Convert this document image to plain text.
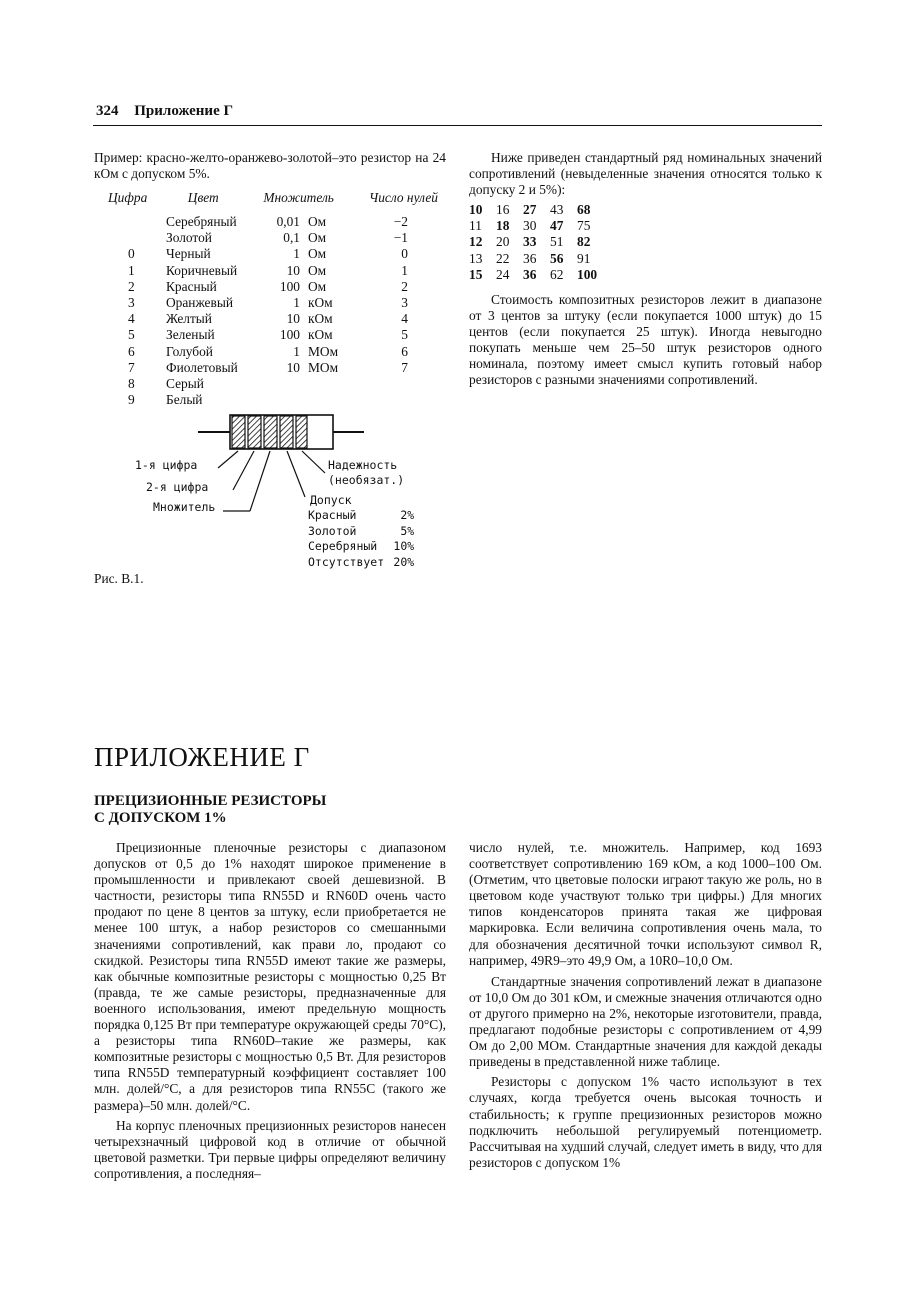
324 Приложение Г

Пример: красно-желто-оранжево-золотой–это резистор на 24 кОм с допуском 5%.

Цифра	Цвет	Множитель	Число нулей

	Серебряный	0,01	Ом	−2
	Золотой	0,1	Ом	−1
0	Черный	1	Ом	0
1	Коричневый	10	Ом	1
2	Красный	100	Ом	2
3	Оранжевый	1	кОм	3
4	Желтый	10	кОм	4
5	Зеленый	100	кОм	5
6	Голубой	1	МОм	6
7	Фиолетовый	10	МОм	7
8	Серый			
9	Белый			
1-я цифра
2-я цифра
Множитель
Надежность
(необязат.)
Допуск
Красный	2%
Золотой	5%
Серебряный	10%
Отсутствует	20%
Рис. В.1.

Ниже приведен стандартный ряд номинальных значений сопротивлений (невыделенные значения относятся только к допуску 2 и 5%):

10	16	27	43	68
11	18	30	47	75
12	20	33	51	82
13	22	36	56	91
15	24	36	62	100

Стоимость композитных резисторов лежит в диапазоне от 3 центов за штуку (если покупается 1000 штук) до 15 центов (если покупается 25 штук). Иногда невыгодно покупать меньше чем 25–50 штук резисторов одного номинала, поэтому имеет смысл купить готовый набор резисторов с разными значениями сопротивлений.

ПРИЛОЖЕНИЕ Г
ПРЕЦИЗИОННЫЕ РЕЗИСТОРЫ
С ДОПУСКОМ 1%

Прецизионные пленочные резисторы с диапазоном допусков от 0,5 до 1% находят широкое применение в промышленности и привлекают своей дешевизной. В частности, резисторы типа RN55D и RN60D очень часто продают по цене 8 центов за штуку, если приобретается не менее 100 штук, а набор резисторов со смешанными значениями сопротивлений, как прави ло, продают со скидкой. Резисторы типа RN55D имеют такие же размеры, как обычные композитные резисторы с мощностью 0,25 Вт (правда, те же самые резисторы, предназначенные для военного использования, имеют предельную мощность порядка 0,125 Вт при температуре окружающей среды 70°С), а резисторы типа RN60D–такие же размеры, как композитные резисторы с мощностью 0,5 Вт. Для резисторов типа RN55D температурный коэффициент составляет 100 млн. долей/°С, а для резисторов типа RN55C (такого же размера)–50 млн. долей/°С.

На корпус пленочных прецизионных резисторов нанесен четырехзначный цифровой код в отличие от обычной цветовой разметки. Три первые цифры определяют величину сопротивления, а последняя–

число нулей, т.е. множитель. Например, код 1693 соответствует сопротивлению 169 кОм, а код 1000–100 Ом. (Отметим, что цветовые полоски играют такую же роль, но в цветовом коде участвуют только три цифры.) Для многих типов конденсаторов принята такая же цифровая маркировка. Если величина сопротивления очень мала, то для обозначения десятичной точки используют символ R, например, 49R9–это 49,9 Ом, а 10R0–10,0 Ом.

Стандартные значения сопротивлений лежат в диапазоне от 10,0 Ом до 301 кОм, и смежные значения отличаются одно от другого примерно на 2%, некоторые изготовители, правда, предлагают подобные резисторы с сопротивлением от 4,99 Ом до 2,00 МОм. Стандартные значения для каждой декады приведены в представленной ниже таблице.

Резисторы с допуском 1% часто используют в тех случаях, когда требуется очень высокая точность и стабильность; к группе прецизионных резисторов можно подключить небольшой регулируемый потенциометр. Рассчитывая на худший случай, следует иметь в виду, что для резисторов с допуском 1%
